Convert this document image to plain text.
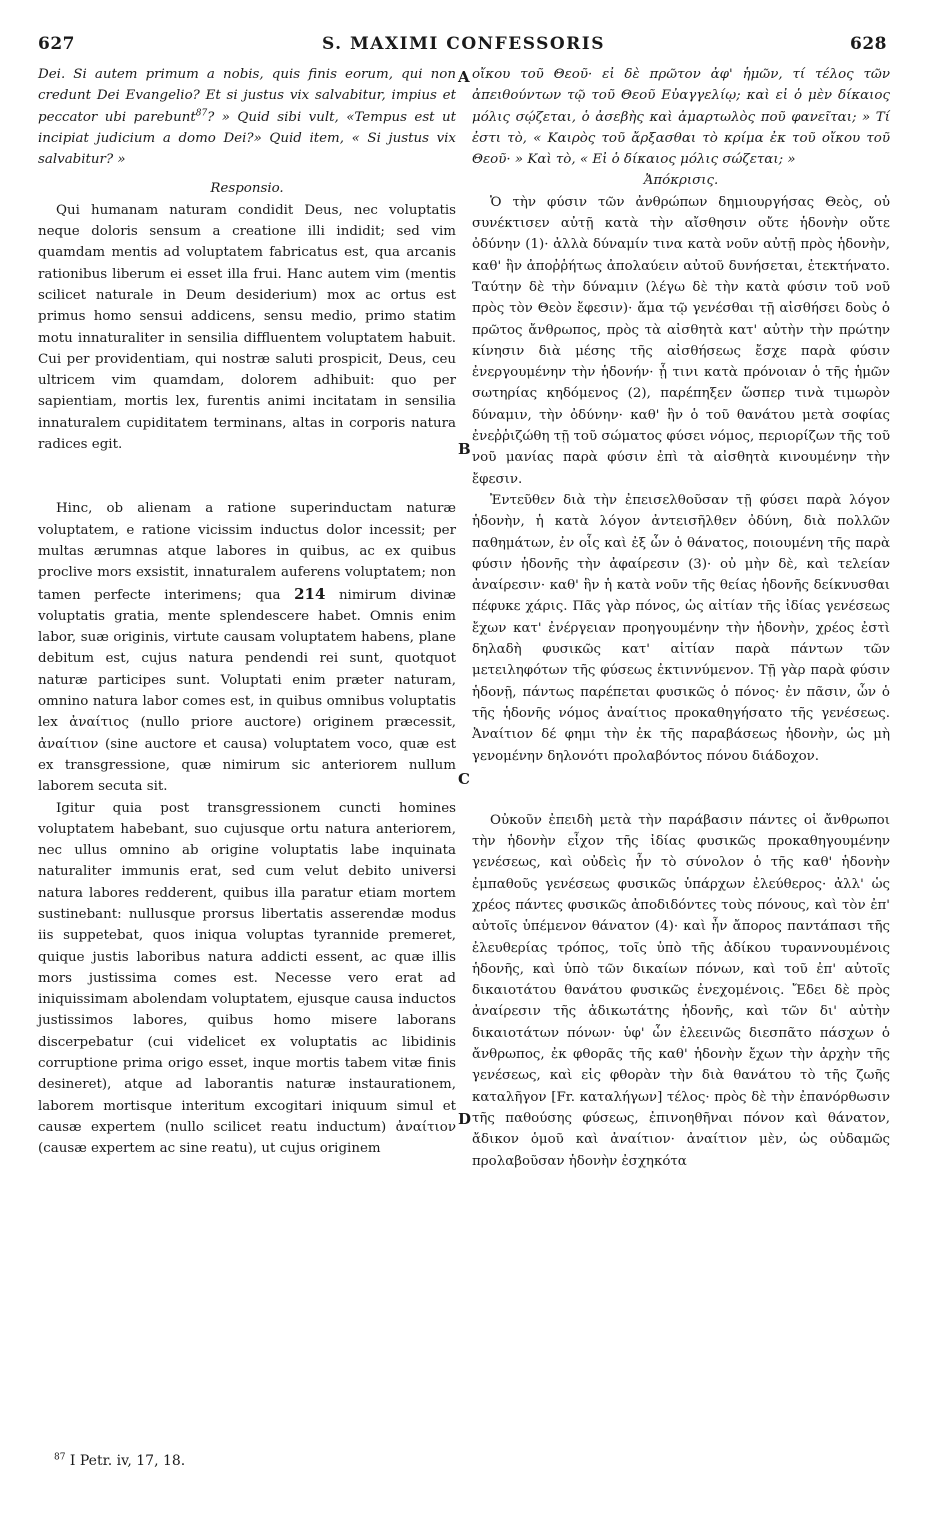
627	S. MAXIMI CONFESSORIS	628

Dei. Si autem primum a nobis, quis finis eorum, qui non credunt Dei Evangelio? Et si justus vix salvabitur, impius et peccator ubi parebunt$^{87}$? » Quid sibi vult, «Tempus est ut incipiat judicium a domo Dei?» Quid item, « Si justus vix salvabitur? »

Responsio.

Qui humanam naturam condidit Deus, nec voluptatis neque doloris sensum a creatione illi indidit; sed vim quamdam mentis ad voluptatem fabricatus est, qua arcanis rationibus liberum ei esset illa frui. Hanc autem vim (mentis scilicet naturale in Deum desiderium) mox ac ortus est primus homo sensui addicens, sensu medio, primo statim motu innaturaliter in sensilia diffluentem voluptatem habuit. Cui per providentiam, qui nostræ saluti prospicit, Deus, ceu ultricem vim quamdam, dolorem adhibuit: quo per sapientiam, mortis lex, furentis animi incitatam in sensilia innaturalem cupiditatem terminans, altas in corporis natura radices egit.

Hinc, ob alienam a ratione superinductam naturæ voluptatem, e ratione vicissim inductus dolor incessit; per multas ærumnas atque labores in quibus, ac ex quibus proclive mors exsistit, innaturalem auferens voluptatem; non tamen perfecte interimens; qua 214 nimirum divinæ voluptatis gratia, mente splendescere habet. Omnis enim labor, suæ originis, virtute causam voluptatem habens, plane debitum est, cujus natura pendendi rei sunt, quotquot naturæ participes sunt. Voluptati enim præter naturam, omnino natura labor comes est, in quibus omnibus voluptatis lex ἀναίτιος (nullo priore auctore) originem præcessit, ἀναίτιον (sine auctore et causa) voluptatem voco, quæ est ex transgressione, quæ nimirum sic anteriorem nullum laborem secuta sit.

Igitur quia post transgressionem cuncti homines voluptatem habebant, suo cujusque ortu natura anteriorem, nec ullus omnino ab origine voluptatis labe inquinata naturaliter immunis erat, sed cum velut debito universi natura labores redderent, quibus illa paratur etiam mortem sustinebant: nullusque prorsus libertatis asserendæ modus iis suppetebat, quos iniqua voluptas tyrannide premeret, quique justis laboribus natura addicti essent, ac quæ illis mors justissima comes est. Necesse vero erat ad iniquissimam abolendam voluptatem, ejusque causa inductos justissimos labores, quibus homo misere laborans discerpebatur (cui videlicet ex voluptatis ac libidinis corruptione prima origo esset, inque mortis tabem vitæ finis desineret), atque ad laborantis naturæ instaurationem, laborem mortisque interitum excogitari iniquum simul et causæ expertem (nullo scilicet reatu inductum) ἀναίτιον (causæ expertem ac sine reatu), ut cujus originem

οἴκου τοῦ Θεοῦ· εἰ δὲ πρῶτον ἀφ' ἡμῶν, τί τέλος τῶν ἀπειθούντων τῷ τοῦ Θεοῦ Εὐαγγελίῳ; καὶ εἰ ὁ μὲν δίκαιος μόλις σῴζεται, ὁ ἀσεβὴς καὶ ἁμαρτωλὸς ποῦ φανεῖται; » Τί ἐστι τὸ, « Καιρὸς τοῦ ἄρξασθαι τὸ κρίμα ἐκ τοῦ οἴκου τοῦ Θεοῦ· » Καὶ τὸ, « Εἰ ὁ δίκαιος μόλις σώζεται; »

Ἀπόκρισις.

Ὁ τὴν φύσιν τῶν ἀνθρώπων δημιουργήσας Θεὸς, οὐ συνέκτισεν αὐτῇ κατὰ τὴν αἴσθησιν οὔτε ἡδονὴν οὔτε ὀδύνην (1)· ἀλλὰ δύναμίν τινα κατὰ νοῦν αὐτῇ πρὸς ἡδονὴν, καθ' ἣν ἀποῤῥήτως ἀπολαύειν αὐτοῦ δυνήσεται, ἐτεκτήνατο. Ταύτην δὲ τὴν δύναμιν (λέγω δὲ τὴν κατὰ φύσιν τοῦ νοῦ πρὸς τὸν Θεὸν ἔφεσιν)· ἅμα τῷ γενέσθαι τῇ αἰσθήσει δοὺς ὁ πρῶτος ἄνθρωπος, πρὸς τὰ αἰσθητὰ κατ' αὐτὴν τὴν πρώτην κίνησιν διὰ μέσης τῆς αἰσθήσεως ἔσχε παρὰ φύσιν ἐνεργουμένην τὴν ἡδονήν· ᾗ τινι κατὰ πρόνοιαν ὁ τῆς ἡμῶν σωτηρίας κηδόμενος (2), παρέπηξεν ὥσπερ τινὰ τιμωρὸν δύναμιν, τὴν ὀδύνην· καθ' ἣν ὁ τοῦ θανάτου μετὰ σοφίας ἐνεῤῥιζώθη τῇ τοῦ σώματος φύσει νόμος, περιορίζων τῆς τοῦ νοῦ μανίας παρὰ φύσιν ἐπὶ τὰ αἰσθητὰ κινουμένην τὴν ἔφεσιν.

Ἐντεῦθεν διὰ τὴν ἐπεισελθοῦσαν τῇ φύσει παρὰ λόγον ἡδονὴν, ἡ κατὰ λόγον ἀντεισῆλθεν ὀδύνη, διὰ πολλῶν παθημάτων, ἐν οἷς καὶ ἐξ ὧν ὁ θάνατος, ποιουμένη τῆς παρὰ φύσιν ἡδονῆς τὴν ἀφαίρεσιν (3)· οὐ μὴν δὲ, καὶ τελείαν ἀναίρεσιν· καθ' ἣν ἡ κατὰ νοῦν τῆς θείας ἡδονῆς δείκνυσθαι πέφυκε χάρις. Πᾶς γὰρ πόνος, ὡς αἰτίαν τῆς ἰδίας γενέσεως ἔχων κατ' ἐνέργειαν προηγουμένην τὴν ἡδονὴν, χρέος ἐστὶ δηλαδὴ φυσικῶς κατ' αἰτίαν παρὰ πάντων τῶν μετειληφότων τῆς φύσεως ἐκτιννύμενον. Τῇ γὰρ παρὰ φύσιν ἡδονῇ, πάντως παρέπεται φυσικῶς ὁ πόνος· ἐν πᾶσιν, ὧν ὁ τῆς ἡδονῆς νόμος ἀναίτιος προκαθηγήσατο τῆς γενέσεως. Ἀναίτιον δέ φημι τὴν ἐκ τῆς παραβάσεως ἡδονὴν, ὡς μὴ γενομένην δηλονότι προλαβόντος πόνου διάδοχον.

Οὐκοῦν ἐπειδὴ μετὰ τὴν παράβασιν πάντες οἱ ἄνθρωποι τὴν ἡδονὴν εἶχον τῆς ἰδίας φυσικῶς προκαθηγουμένην γενέσεως, καὶ οὐδεὶς ἦν τὸ σύνολον ὁ τῆς καθ' ἡδονὴν ἐμπαθοῦς γενέσεως φυσικῶς ὑπάρχων ἐλεύθερος· ἀλλ' ὡς χρέος πάντες φυσικῶς ἀποδιδόντες τοὺς πόνους, καὶ τὸν ἐπ' αὐτοῖς ὑπέμενον θάνατον (4)· καὶ ἦν ἄπορος παντάπασι τῆς ἐλευθερίας τρόπος, τοῖς ὑπὸ τῆς ἀδίκου τυραννουμένοις ἡδονῆς, καὶ ὑπὸ τῶν δικαίων πόνων, καὶ τοῦ ἐπ' αὐτοῖς δικαιοτάτου θανάτου φυσικῶς ἐνεχομένοις. Ἔδει δὲ πρὸς ἀναίρεσιν τῆς ἀδικωτάτης ἡδονῆς, καὶ τῶν δι' αὐτὴν δικαιοτάτων πόνων· ὑφ' ὧν ἐλεεινῶς διεσπᾶτο πάσχων ὁ ἄνθρωπος, ἐκ φθορᾶς τῆς καθ' ἡδονὴν ἔχων τὴν ἀρχὴν τῆς γενέσεως, καὶ εἰς φθορὰν τὴν διὰ θανάτου τὸ τῆς ζωῆς καταλῆγον [Fr. καταλήγων] τέλος· πρὸς δὲ τὴν ἐπανόρθωσιν τῆς παθούσης φύσεως, ἐπινοηθῆναι πόνον καὶ θάνατον, ἄδικον ὁμοῦ καὶ ἀναίτιον· ἀναίτιον μὲν, ὡς οὐδαμῶς προλαβοῦσαν ἡδονὴν ἐσχηκότα

A
B
C
D
$^{87}$ I Petr. iv, 17, 18.
